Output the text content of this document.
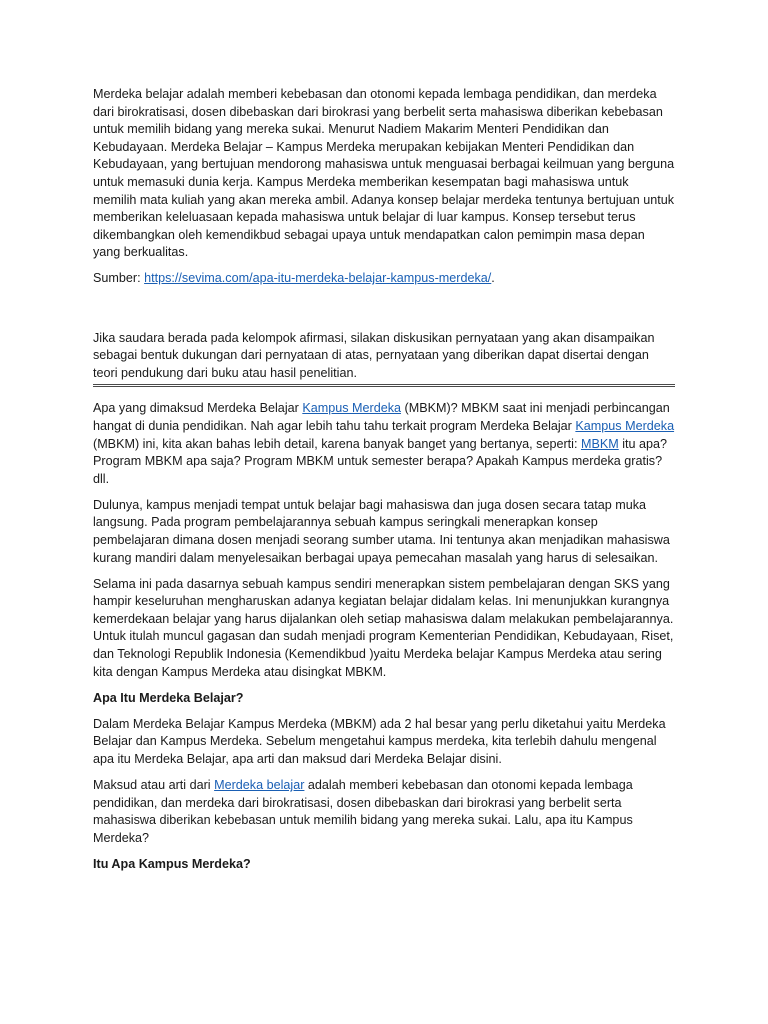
Merdeka belajar adalah memberi kebebasan dan otonomi kepada lembaga pendidikan, dan merdeka dari birokratisasi, dosen dibebaskan dari birokrasi yang berbelit serta mahasiswa diberikan kebebasan untuk memilih bidang yang mereka sukai. Menurut Nadiem Makarim Menteri Pendidikan dan Kebudayaan. Merdeka Belajar – Kampus Merdeka merupakan kebijakan Menteri Pendidikan dan Kebudayaan, yang bertujuan mendorong mahasiswa untuk menguasai berbagai keilmuan yang berguna untuk memasuki dunia kerja. Kampus Merdeka memberikan kesempatan bagi mahasiswa untuk memilih mata kuliah yang akan mereka ambil. Adanya konsep belajar merdeka tentunya bertujuan untuk memberikan keleluasaan kepada mahasiswa untuk belajar di luar kampus. Konsep tersebut terus dikembangkan oleh kemendikbud sebagai upaya untuk mendapatkan calon pemimpin masa depan yang berkualitas.

Sumber: https://sevima.com/apa-itu-merdeka-belajar-kampus-merdeka/.

Jika saudara berada pada kelompok afirmasi, silakan diskusikan pernyataan yang akan disampaikan sebagai bentuk dukungan dari pernyataan di atas, pernyataan yang diberikan dapat disertai dengan teori pendukung dari buku atau hasil penelitian.

Apa yang dimaksud Merdeka Belajar Kampus Merdeka (MBKM)? MBKM saat ini menjadi perbincangan hangat di dunia pendidikan. Nah agar lebih tahu tahu terkait program Merdeka Belajar Kampus Merdeka (MBKM) ini, kita akan bahas lebih detail, karena banyak banget yang bertanya, seperti: MBKM itu apa? Program MBKM apa saja? Program MBKM untuk semester berapa? Apakah Kampus merdeka gratis? dll.

Dulunya, kampus menjadi tempat untuk belajar bagi mahasiswa dan juga dosen secara tatap muka langsung. Pada program pembelajarannya sebuah kampus seringkali menerapkan konsep pembelajaran dimana dosen menjadi seorang sumber utama. Ini tentunya akan menjadikan mahasiswa kurang mandiri dalam menyelesaikan berbagai upaya pemecahan masalah yang harus di selesaikan.

Selama ini pada dasarnya sebuah kampus sendiri menerapkan sistem pembelajaran dengan SKS yang hampir keseluruhan mengharuskan adanya kegiatan belajar didalam kelas. Ini menunjukkan kurangnya kemerdekaan belajar yang harus dijalankan oleh setiap mahasiswa dalam melakukan pembelajarannya. Untuk itulah muncul gagasan dan sudah menjadi program Kementerian Pendidikan, Kebudayaan, Riset, dan Teknologi Republik Indonesia (Kemendikbud )yaitu Merdeka belajar Kampus Merdeka atau sering kita dengan Kampus Merdeka atau disingkat MBKM.

Apa Itu Merdeka Belajar?

Dalam Merdeka Belajar Kampus Merdeka (MBKM) ada 2 hal besar yang perlu diketahui yaitu Merdeka Belajar dan Kampus Merdeka. Sebelum mengetahui kampus merdeka, kita terlebih dahulu mengenal apa itu Merdeka Belajar, apa arti dan maksud dari Merdeka Belajar disini.

Maksud atau arti dari Merdeka belajar adalah memberi kebebasan dan otonomi kepada lembaga pendidikan, dan merdeka dari birokratisasi, dosen dibebaskan dari birokrasi yang berbelit serta mahasiswa diberikan kebebasan untuk memilih bidang yang mereka sukai. Lalu, apa itu Kampus Merdeka?

Itu Apa Kampus Merdeka?
